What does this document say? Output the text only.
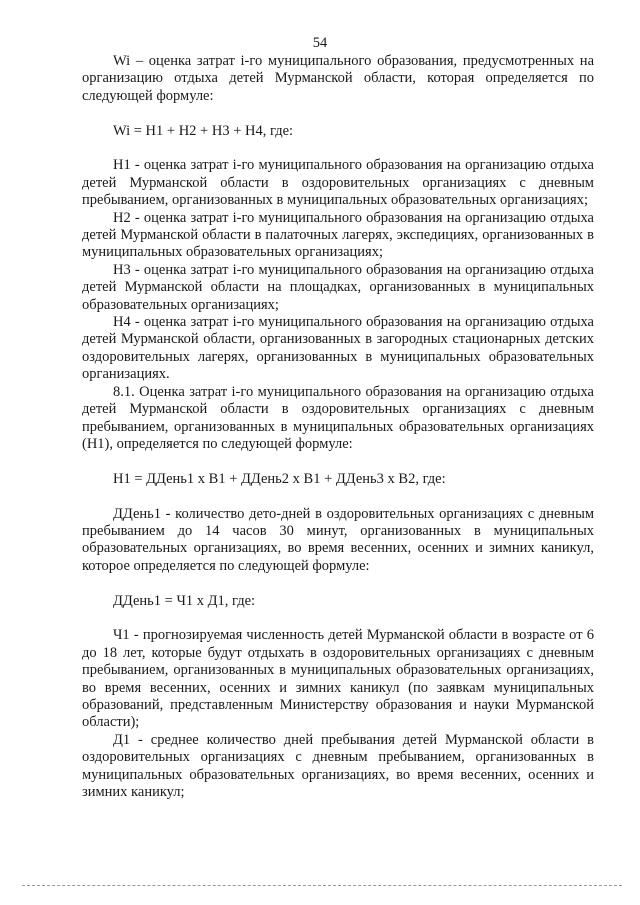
54

Wi – оценка затрат i-го муниципального образования, предусмотренных на организацию отдыха детей Мурманской области, которая определяется по следующей формуле:

Wi = H1 + H2 + H3 + H4, где:

H1 - оценка затрат i-го муниципального образования на организацию отдыха детей Мурманской области в оздоровительных организациях с дневным пребыванием, организованных в муниципальных образовательных организациях;

H2 - оценка затрат i-го муниципального образования на организацию отдыха детей Мурманской области в палаточных лагерях, экспедициях, организованных в муниципальных образовательных организациях;

H3 - оценка затрат i-го муниципального образования на организацию отдыха детей Мурманской области на площадках, организованных в муниципальных образовательных организациях;

H4 - оценка затрат i-го муниципального образования на организацию отдыха детей Мурманской области, организованных в загородных стационарных детских оздоровительных лагерях, организованных в муниципальных образовательных организациях.

8.1. Оценка затрат i-го муниципального образования на организацию отдыха детей Мурманской области в оздоровительных организациях с дневным пребыванием, организованных в муниципальных образовательных организациях (H1), определяется по следующей формуле:

H1 = ДДень1 х B1 + ДДень2 х B1 + ДДень3 х B2, где:

ДДень1 - количество дето-дней в оздоровительных организациях с дневным пребыванием до 14 часов 30 минут, организованных в муниципальных образовательных организациях, во время весенних, осенних и зимних каникул, которое определяется по следующей формуле:

ДДень1 = Ч1 х Д1, где:

Ч1 - прогнозируемая численность детей Мурманской области в возрасте от 6 до 18 лет, которые будут отдыхать в оздоровительных организациях с дневным пребыванием, организованных в муниципальных образовательных организациях, во время весенних, осенних и зимних каникул (по заявкам муниципальных образований, представленным Министерству образования и науки Мурманской области);

Д1 - среднее количество дней пребывания детей Мурманской области в оздоровительных организациях с дневным пребыванием, организованных в муниципальных образовательных организациях, во время весенних, осенних и зимних каникул;
